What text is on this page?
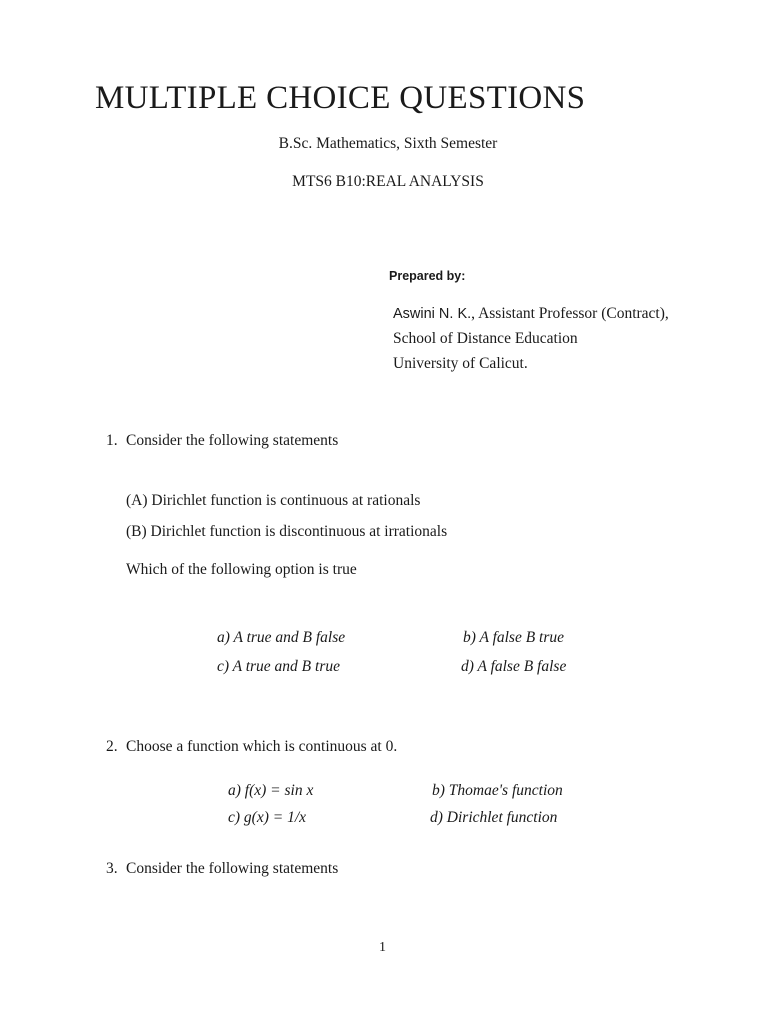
MULTIPLE CHOICE QUESTIONS
B.Sc. Mathematics, Sixth Semester
MTS6 B10:REAL ANALYSIS
Prepared by:
Aswini N. K., Assistant Professor (Contract),
School of Distance Education
University of Calicut.
1. Consider the following statements
(A) Dirichlet function is continuous at rationals
(B) Dirichlet function is discontinuous at irrationals
Which of the following option is true
a) A true and B false	b) A false B true
c) A true and B true	d) A false B false
2. Choose a function which is continuous at 0.
a) f(x) = sin x	b) Thomae's function
c) g(x) = 1/x	d) Dirichlet function
3. Consider the following statements
1
